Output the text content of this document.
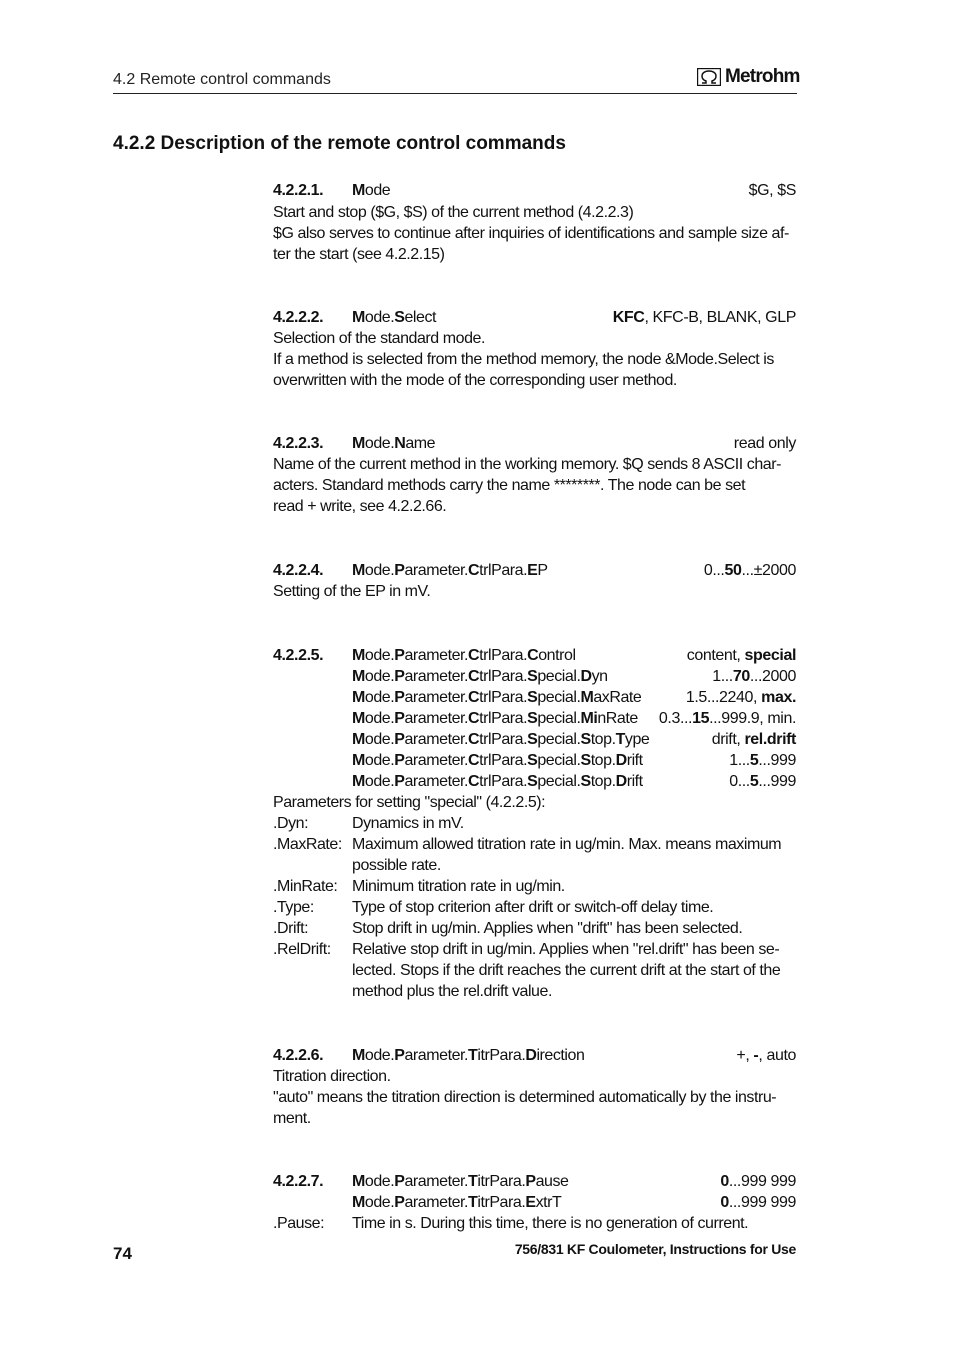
4.2 Remote control commands	Metrohm
4.2.2 Description of the remote control commands
4.2.2.1. Mode	$G, $S
Start and stop ($G, $S) of the current method (4.2.2.3)
$G also serves to continue after inquiries of identifications and sample size af-
ter the start (see 4.2.2.15)
4.2.2.2. Mode.Select	KFC, KFC-B, BLANK, GLP
Selection of the standard mode.
If a method is selected from the method memory, the node &Mode.Select is
overwritten with the mode of the corresponding user method.
4.2.2.3. Mode.Name	read only
Name of the current method in the working memory. $Q sends 8 ASCII char-
acters. Standard methods carry the name ********. The node can be set
read + write, see 4.2.2.66.
4.2.2.4. Mode.Parameter.CtrlPara.EP	0...50...±2000
Setting of the EP in mV.
4.2.2.5. Mode.Parameter.CtrlPara.Control	content, special
Mode.Parameter.CtrlPara.Special.Dyn	1...70...2000
Mode.Parameter.CtrlPara.Special.MaxRate	1.5...2240, max.
Mode.Parameter.CtrlPara.Special.MinRate 0.3...15...999.9, min.
Mode.Parameter.CtrlPara.Special.Stop.Type	drift, rel.drift
Mode.Parameter.CtrlPara.Special.Stop.Drift	1...5...999
Mode.Parameter.CtrlPara.Special.Stop.Drift	0...5...999
Parameters for setting "special" (4.2.2.5):
.Dyn:	Dynamics in mV.
.MaxRate: Maximum allowed titration rate in ug/min. Max. means maximum
possible rate.
.MinRate: Minimum titration rate in ug/min.
.Type: Type of stop criterion after drift or switch-off delay time.
.Drift:	Stop drift in ug/min. Applies when "drift" has been selected.
.RelDrift: Relative stop drift in ug/min. Applies when "rel.drift" has been se-
lected. Stops if the drift reaches the current drift at the start of the
method plus the rel.drift value.
4.2.2.6. Mode.Parameter.TitrPara.Direction	+, -, auto
Titration direction.
"auto" means the titration direction is determined automatically by the instru-
ment.
4.2.2.7. Mode.Parameter.TitrPara.Pause	0...999 999
Mode.Parameter.TitrPara.ExtrT	0...999 999
.Pause: Time in s. During this time, there is no generation of current.
74	756/831 KF Coulometer, Instructions for Use
